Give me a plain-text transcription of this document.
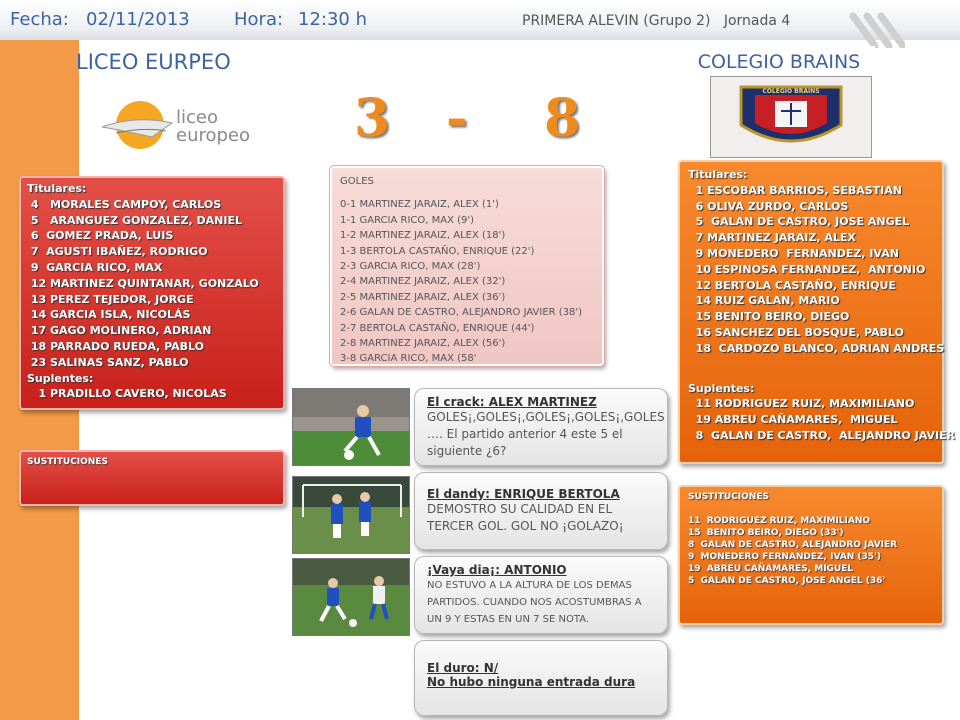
Fecha: 02/11/2013 Hora: 12:30 h	PRIMERA ALEVIN (Grupo 2) Jornada 4
LICEO EURPEO	COLEGIO BRAINS
liceo
europeo
COLEGIO BRAINS
3 - 8
Titulares:
4   MORALES CAMPOY, CARLOS
5   ARANGUEZ GONZALEZ, DANIEL
6  GOMEZ PRADA, LUIS
7  AGUSTI IBAÑEZ, RODRIGO
9  GARCIA RICO, MAX
12 MARTINEZ QUINTANAR, GONZALO
13 PEREZ TEJEDOR, JORGE
14 GARCIA ISLA, NICOLÁS
17 GAGO MOLINERO, ADRIAN
18 PARRADO RUEDA, PABLO
23 SALINAS SANZ, PABLO
Suplentes:
1 PRADILLO CAVERO, NICOLAS
SUSTITUCIONES
GOLES
0-1 MARTINEZ JARAIZ, ALEX (1')
1-1 GARCIA RICO, MAX (9')
1-2 MARTINEZ JARAIZ, ALEX (18')
1-3 BERTOLA CASTAÑO, ENRIQUE (22')
2-3 GARCIA RICO, MAX (28')
2-4 MARTINEZ JARAIZ, ALEX (32')
2-5 MARTINEZ JARAIZ, ALEX (36')
2-6 GALAN DE CASTRO, ALEJANDRO JAVIER (38')
2-7 BERTOLA CASTAÑO, ENRIQUE (44')
2-8 MARTINEZ JARAIZ, ALEX (56')
3-8 GARCIA RICO, MAX (58'
Titulares:
1 ESCOBAR BARRIOS, SEBASTIAN
6 OLIVA ZURDO, CARLOS
5  GALAN DE CASTRO, JOSE ANGEL
7 MARTINEZ JARAIZ, ALEX
9 MONEDERO  FERNANDEZ, IVAN
10 ESPINOSA FERNANDEZ,  ANTONIO
12 BERTOLA CASTAÑO, ENRIQUE
14 RUIZ GALAN, MARIO
15 BENITO BEIRO, DIEGO
16 SANCHEZ DEL BOSQUE, PABLO
18  CARDOZO BLANCO, ADRIAN ANDRES
Suplentes:
11 RODRIGUEZ RUIZ, MAXIMILIANO
19 ABREU CAÑAMARES,  MIGUEL
8  GALAN DE CASTRO,  ALEJANDRO JAVIER
SUSTITUCIONES
11  RODRIGUEZ RUIZ, MAXIMILIANO
15  BENITO BEIRO, DIEGO (33')
8  GALAN DE CASTRO, ALEJANDRO JAVIER
9  MONEDERO FERNANDEZ, IVAN (35')
19  ABREU CAÑAMARES, MIGUEL
5  GALAN DE CASTRO, JOSE ANGEL (36'
El crack: ALEX MARTINEZ
GOLES¡,GOLES¡,GOLES¡,GOLES¡,GOLES …. El partido anterior 4 este 5 el siguiente ¿6?
El dandy: ENRIQUE BERTOLA
DEMOSTRO SU CALIDAD EN EL TERCER GOL. GOL NO ¡GOLAZO¡
¡Vaya dia¡: ANTONIO
NO ESTUVO A LA ALTURA DE LOS DEMAS PARTIDOS. CUANDO NOS ACOSTUMBRAS A UN 9 Y ESTAS EN UN 7 SE NOTA.
El duro: N/
No hubo ninguna entrada dura
